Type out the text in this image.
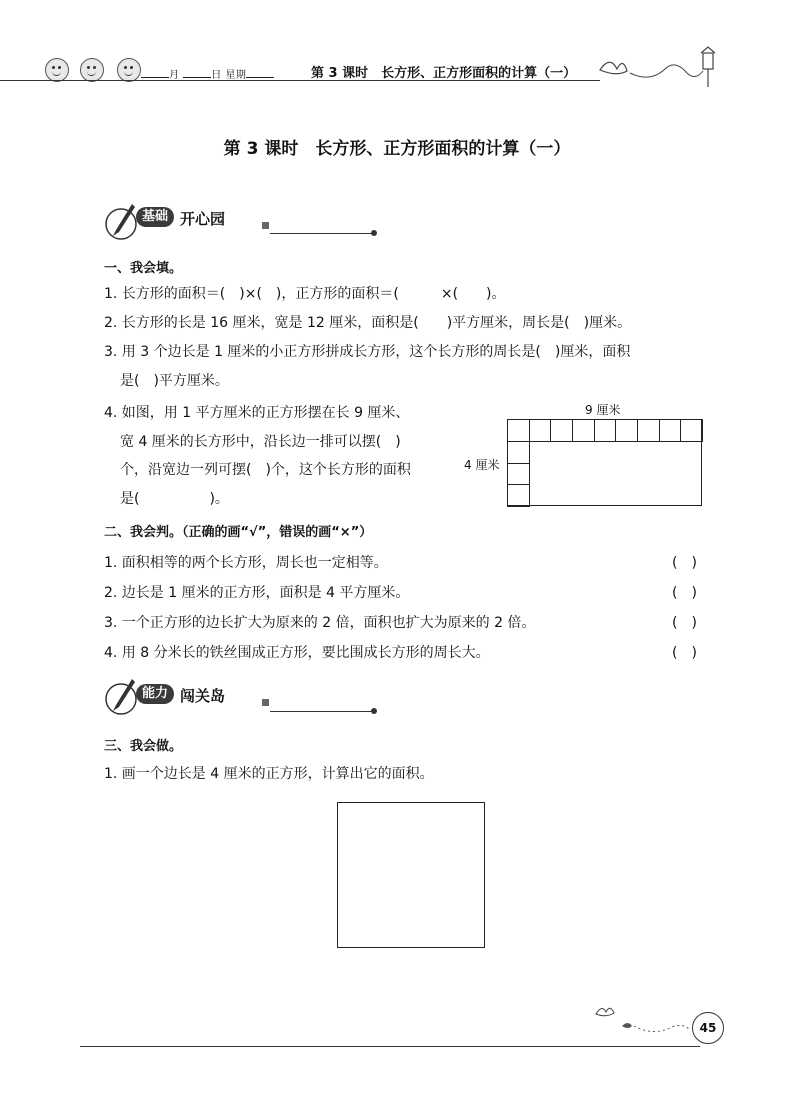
月	日 星期	第 3 课时　长方形、正方形面积的计算（一）
第 3 课时　长方形、正方形面积的计算（一）
基础 开心园
一、我会填。
1. 长方形的面积＝(　)×(　)，正方形的面积＝(　　　×(　　)。
2. 长方形的长是 16 厘米，宽是 12 厘米，面积是(　　)平方厘米，周长是(　)厘米。
3. 用 3 个边长是 1 厘米的小正方形拼成长方形，这个长方形的周长是(　)厘米，面积
是(　)平方厘米。
4. 如图，用 1 平方厘米的正方形摆在长 9 厘米、
宽 4 厘米的长方形中，沿长边一排可以摆(　)
个，沿宽边一列可摆(　)个，这个长方形的面积
是(　　　　　)。
9 厘米
4 厘米
二、我会判。（正确的画“√”，错误的画“×”）
1. 面积相等的两个长方形，周长也一定相等。	(　)
2. 边长是 1 厘米的正方形，面积是 4 平方厘米。	(　)
3. 一个正方形的边长扩大为原来的 2 倍，面积也扩大为原来的 2 倍。	(　)
4. 用 8 分米长的铁丝围成正方形，要比围成长方形的周长大。	(　)
能力 闯关岛
三、我会做。
1. 画一个边长是 4 厘米的正方形，计算出它的面积。
45
